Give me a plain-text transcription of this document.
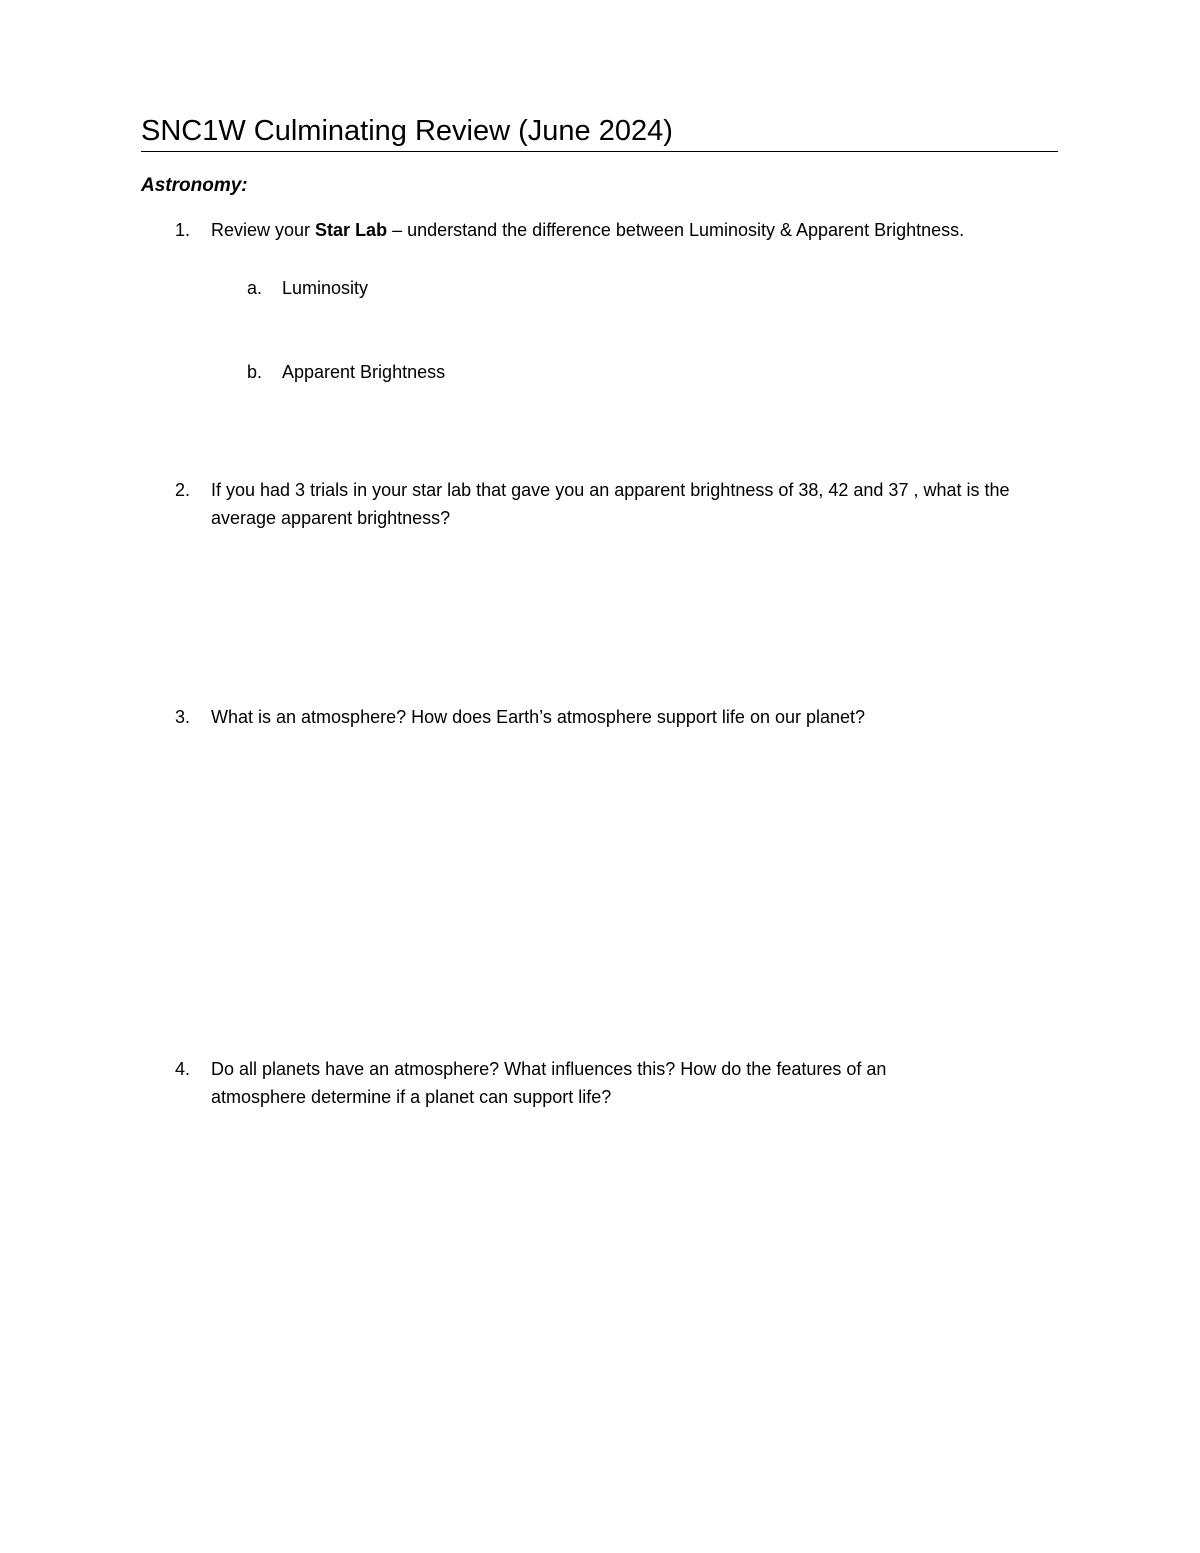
SNC1W Culminating Review (June 2024)
Astronomy:
1.	Review your Star Lab – understand the difference between Luminosity & Apparent Brightness.
a.	Luminosity
b.	Apparent Brightness
2.	If you had 3 trials in your star lab that gave you an apparent brightness of 38, 42 and 37 , what is the average apparent brightness?
3.	What is an atmosphere? How does Earth’s atmosphere support life on our planet?
4.	Do all planets have an atmosphere? What influences this? How do the features of an atmosphere determine if a planet can support life?
